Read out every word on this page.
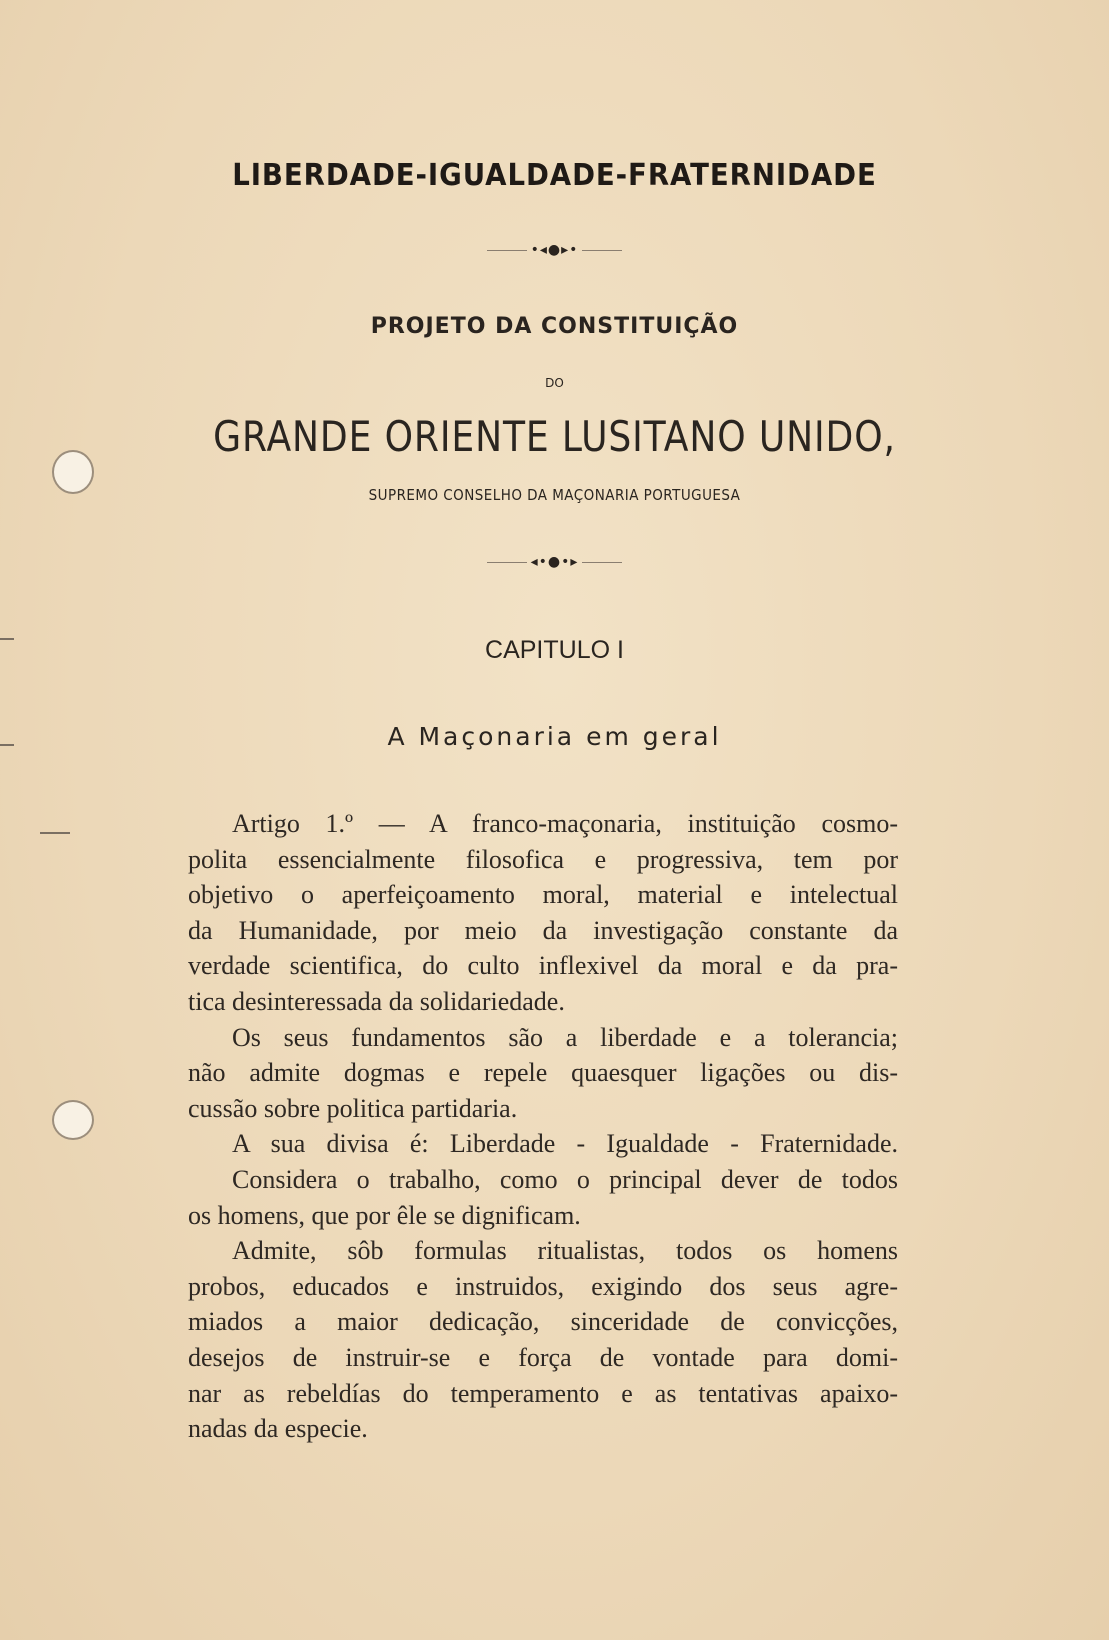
LIBERDADE-IGUALDADE-FRATERNIDADE
•◂●▸•
PROJETO DA CONSTITUIÇÃO
DO
GRANDE ORIENTE LUSITANO UNIDO,
SUPREMO CONSELHO DA MAÇONARIA PORTUGUESA
◂•●•▸
CAPITULO I
A Maçonaria em geral
Artigo 1.º — A franco-maçonaria, instituição cosmo-
polita essencialmente filosofica e progressiva, tem por
objetivo o aperfeiçoamento moral, material e intelectual
da Humanidade, por meio da investigação constante da
verdade scientifica, do culto inflexivel da moral e da pra-
tica desinteressada da solidariedade.
Os seus fundamentos são a liberdade e a tolerancia;
não admite dogmas e repele quaesquer ligações ou dis-
cussão sobre politica partidaria.
A sua divisa é: Liberdade - Igualdade - Fraternidade.
Considera o trabalho, como o principal dever de todos
os homens, que por êle se dignificam.
Admite, sôb formulas ritualistas, todos os homens
probos, educados e instruidos, exigindo dos seus agre-
miados a maior dedicação, sinceridade de convicções,
desejos de instruir-se e força de vontade para domi-
nar as rebeldías do temperamento e as tentativas apaixo-
nadas da especie.
